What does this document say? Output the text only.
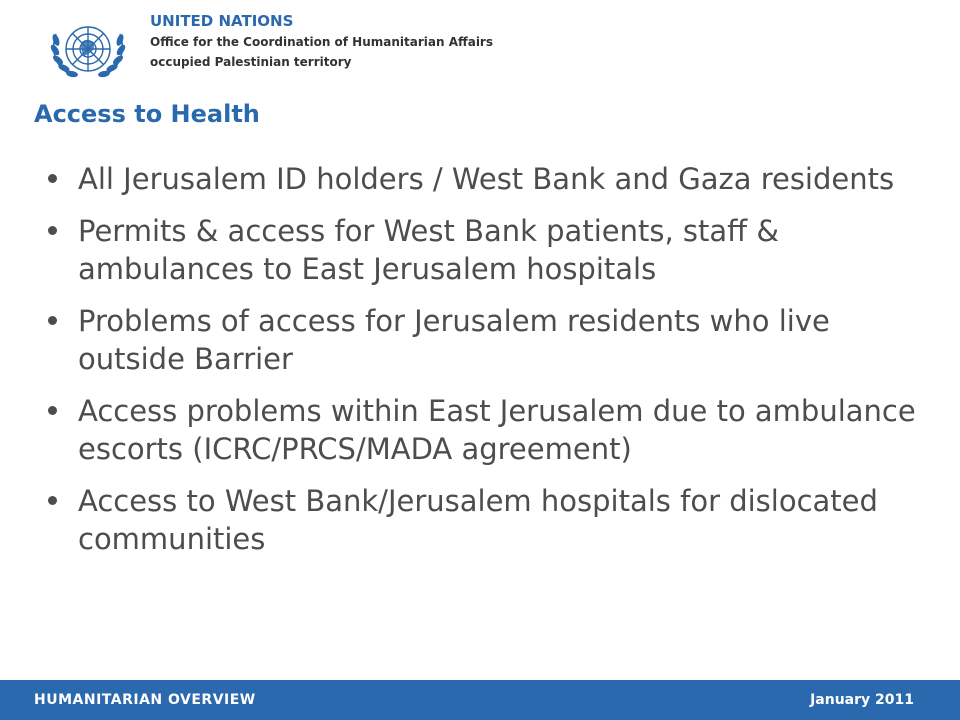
UNITED NATIONS
Office for the Coordination of Humanitarian Affairs
occupied Palestinian territory
Access to Health
All Jerusalem ID holders / West Bank and Gaza residents
Permits & access for West Bank patients, staff & ambulances to East Jerusalem hospitals
Problems of access for Jerusalem residents who live outside Barrier
Access problems within East Jerusalem due to ambulance escorts (ICRC/PRCS/MADA agreement)
Access to West Bank/Jerusalem hospitals for dislocated communities
HUMANITARIAN OVERVIEW	January 2011
